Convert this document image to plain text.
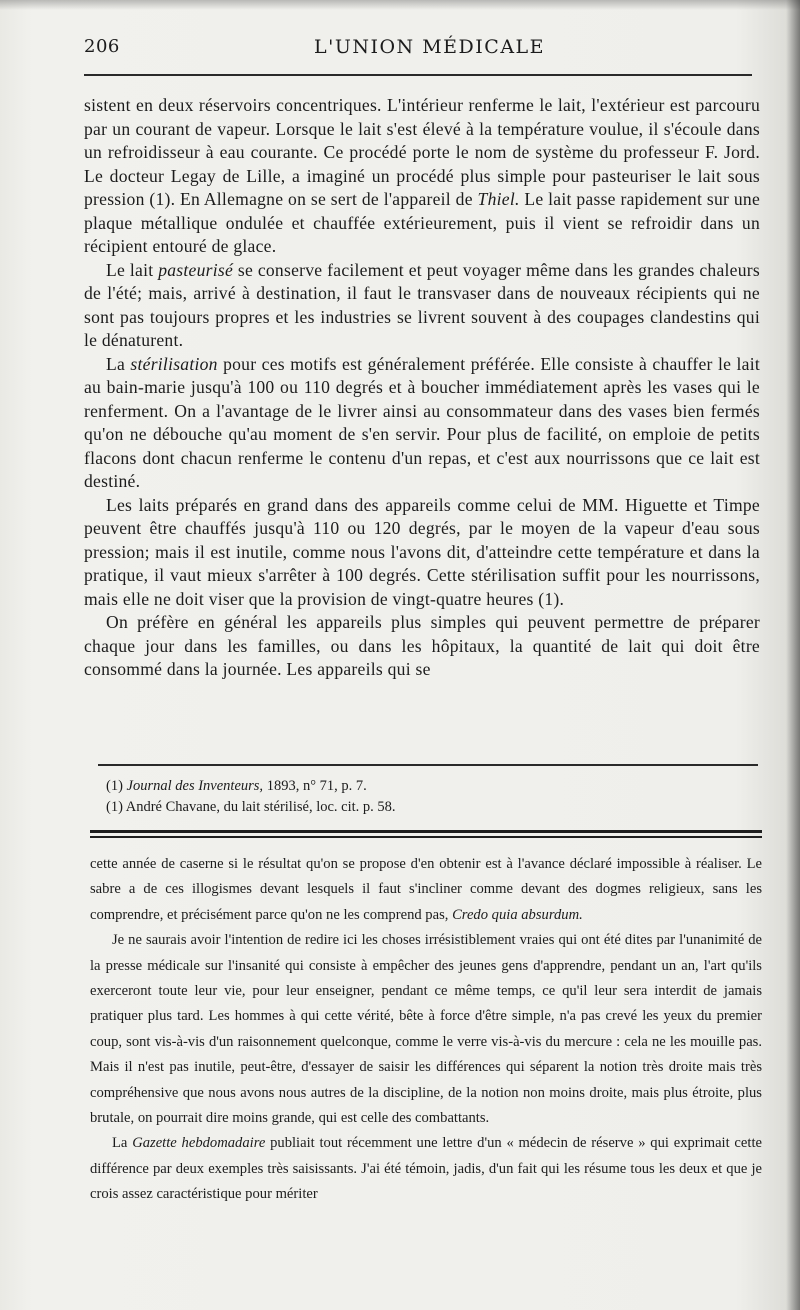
206	L'UNION MÉDICALE

sistent en deux réservoirs concentriques. L'intérieur renferme le lait, l'extérieur est parcouru par un courant de vapeur. Lorsque le lait s'est élevé à la température voulue, il s'écoule dans un refroidisseur à eau courante. Ce procédé porte le nom de système du professeur F. Jord. Le docteur Legay de Lille, a imaginé un procédé plus simple pour pasteuriser le lait sous pression (1). En Allemagne on se sert de l'appareil de Thiel. Le lait passe rapidement sur une plaque métallique ondulée et chauffée extérieurement, puis il vient se refroidir dans un récipient entouré de glace.

Le lait pasteurisé se conserve facilement et peut voyager même dans les grandes chaleurs de l'été; mais, arrivé à destination, il faut le transvaser dans de nouveaux récipients qui ne sont pas toujours propres et les industries se livrent souvent à des coupages clandestins qui le dénaturent.

La stérilisation pour ces motifs est généralement préférée. Elle consiste à chauffer le lait au bain-marie jusqu'à 100 ou 110 degrés et à boucher immédiatement après les vases qui le renferment. On a l'avantage de le livrer ainsi au consommateur dans des vases bien fermés qu'on ne débouche qu'au moment de s'en servir. Pour plus de facilité, on emploie de petits flacons dont chacun renferme le contenu d'un repas, et c'est aux nourrissons que ce lait est destiné.

Les laits préparés en grand dans des appareils comme celui de MM. Higuette et Timpe peuvent être chauffés jusqu'à 110 ou 120 degrés, par le moyen de la vapeur d'eau sous pression; mais il est inutile, comme nous l'avons dit, d'atteindre cette température et dans la pratique, il vaut mieux s'arrêter à 100 degrés. Cette stérilisation suffit pour les nourrissons, mais elle ne doit viser que la provision de vingt-quatre heures (1).

On préfère en général les appareils plus simples qui peuvent permettre de préparer chaque jour dans les familles, ou dans les hôpitaux, la quantité de lait qui doit être consommé dans la journée. Les appareils qui se

(1) Journal des Inventeurs, 1893, n° 71, p. 7.
(1) André Chavane, du lait stérilisé, loc. cit. p. 58.

cette année de caserne si le résultat qu'on se propose d'en obtenir est à l'avance déclaré impossible à réaliser. Le sabre a de ces illogismes devant lesquels il faut s'incliner comme devant des dogmes religieux, sans les comprendre, et précisément parce qu'on ne les comprend pas, Credo quia absurdum.

Je ne saurais avoir l'intention de redire ici les choses irrésistiblement vraies qui ont été dites par l'unanimité de la presse médicale sur l'insanité qui consiste à empêcher des jeunes gens d'apprendre, pendant un an, l'art qu'ils exerceront toute leur vie, pour leur enseigner, pendant ce même temps, ce qu'il leur sera interdit de jamais pratiquer plus tard. Les hommes à qui cette vérité, bête à force d'être simple, n'a pas crevé les yeux du premier coup, sont vis-à-vis d'un raisonnement quelconque, comme le verre vis-à-vis du mercure : cela ne les mouille pas. Mais il n'est pas inutile, peut-être, d'essayer de saisir les différences qui séparent la notion très droite mais très compréhensive que nous avons nous autres de la discipline, de la notion non moins droite, mais plus étroite, plus brutale, on pourrait dire moins grande, qui est celle des combattants.

La Gazette hebdomadaire publiait tout récemment une lettre d'un « médecin de réserve » qui exprimait cette différence par deux exemples très saisissants. J'ai été témoin, jadis, d'un fait qui les résume tous les deux et que je crois assez caractéristique pour mériter
